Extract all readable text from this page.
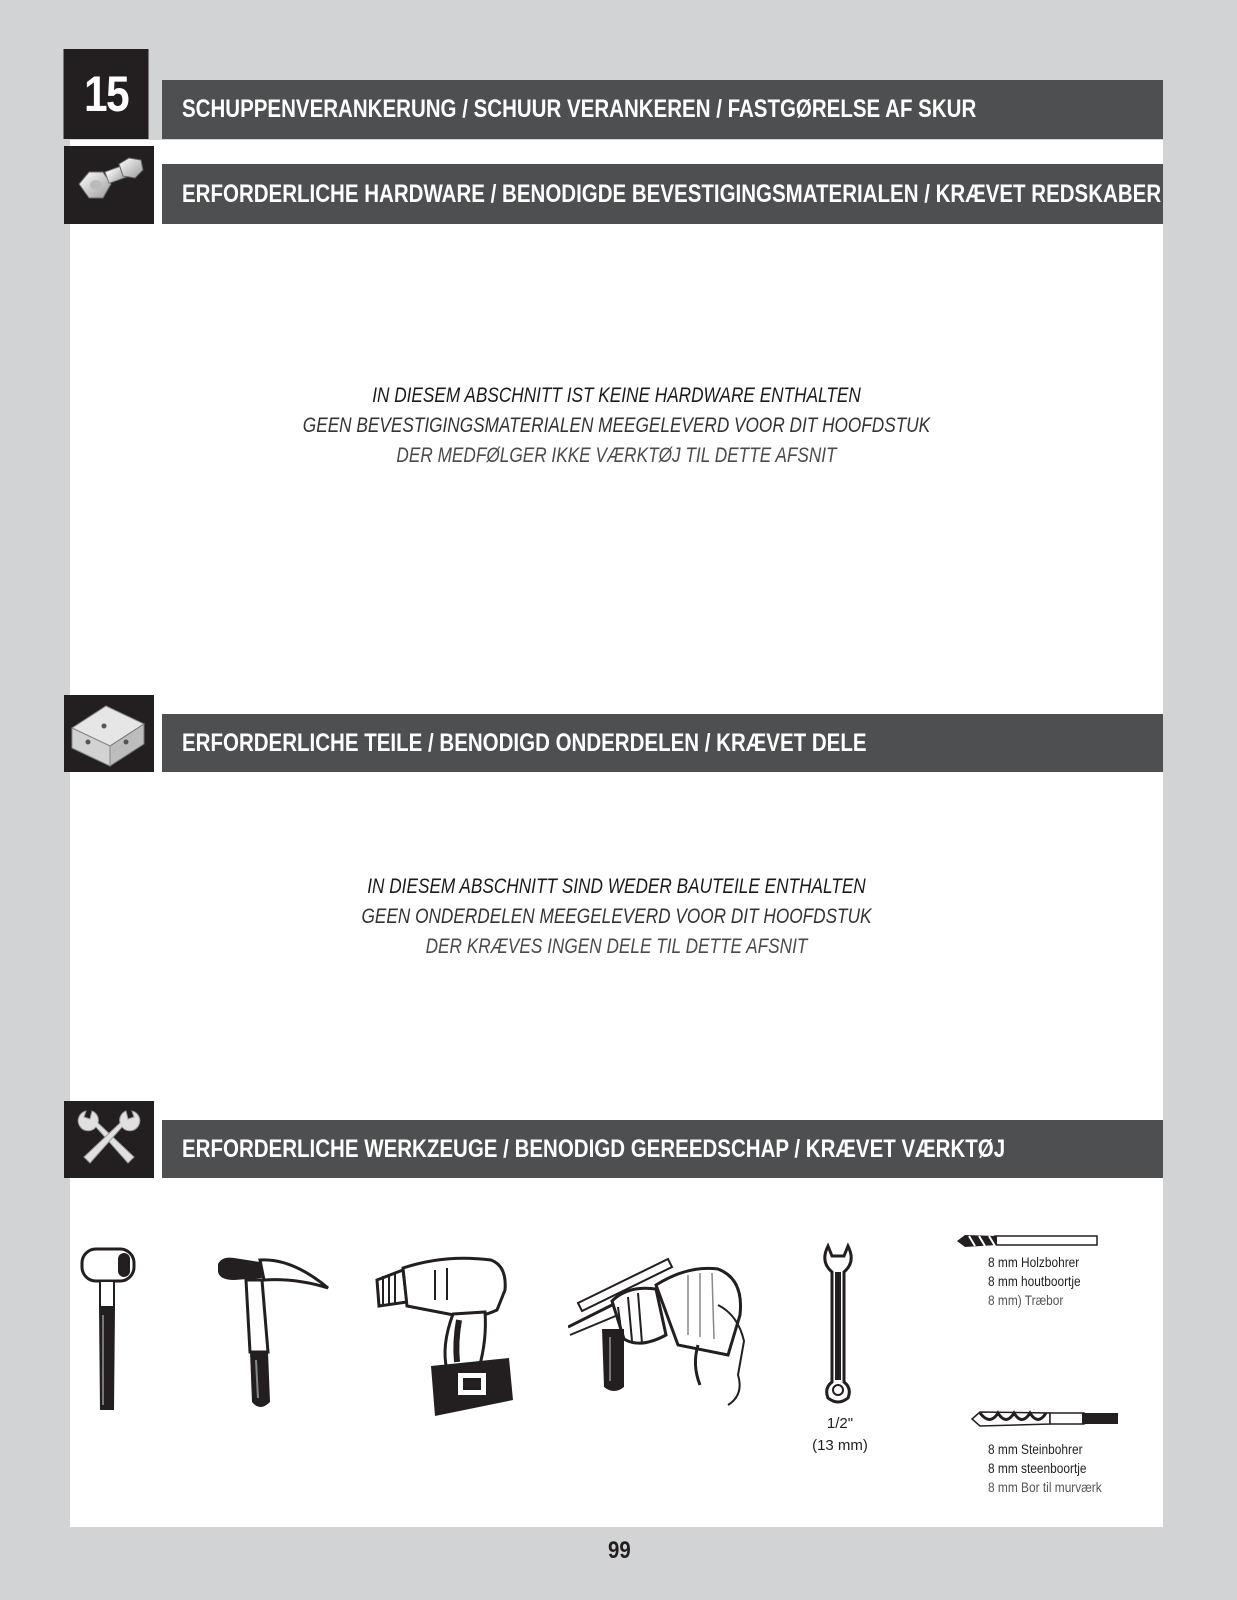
15	SCHUPPENVERANKERUNG / SCHUUR VERANKEREN / FASTGØRELSE AF SKUR
ERFORDERLICHE HARDWARE / BENODIGDE BEVESTIGINGSMATERIALEN / KRÆVET REDSKABER
IN DIESEM ABSCHNITT IST KEINE HARDWARE ENTHALTEN
GEEN BEVESTIGINGSMATERIALEN MEEGELEVERD VOOR DIT HOOFDSTUK
DER MEDFØLGER IKKE VÆRKTØJ TIL DETTE AFSNIT
ERFORDERLICHE TEILE / BENODIGD ONDERDELEN / KRÆVET DELE
IN DIESEM ABSCHNITT SIND WEDER BAUTEILE ENTHALTEN
GEEN ONDERDELEN MEEGELEVERD VOOR DIT HOOFDSTUK
DER KRÆVES INGEN DELE TIL DETTE AFSNIT
ERFORDERLICHE WERKZEUGE / BENODIGD GEREEDSCHAP / KRÆVET VÆRKTØJ
1/2"
(13 mm)
8 mm Holzbohrer
8 mm houtboortje
8 mm) Træbor
8 mm Steinbohrer
8 mm steenboortje
8 mm Bor til murværk
99
